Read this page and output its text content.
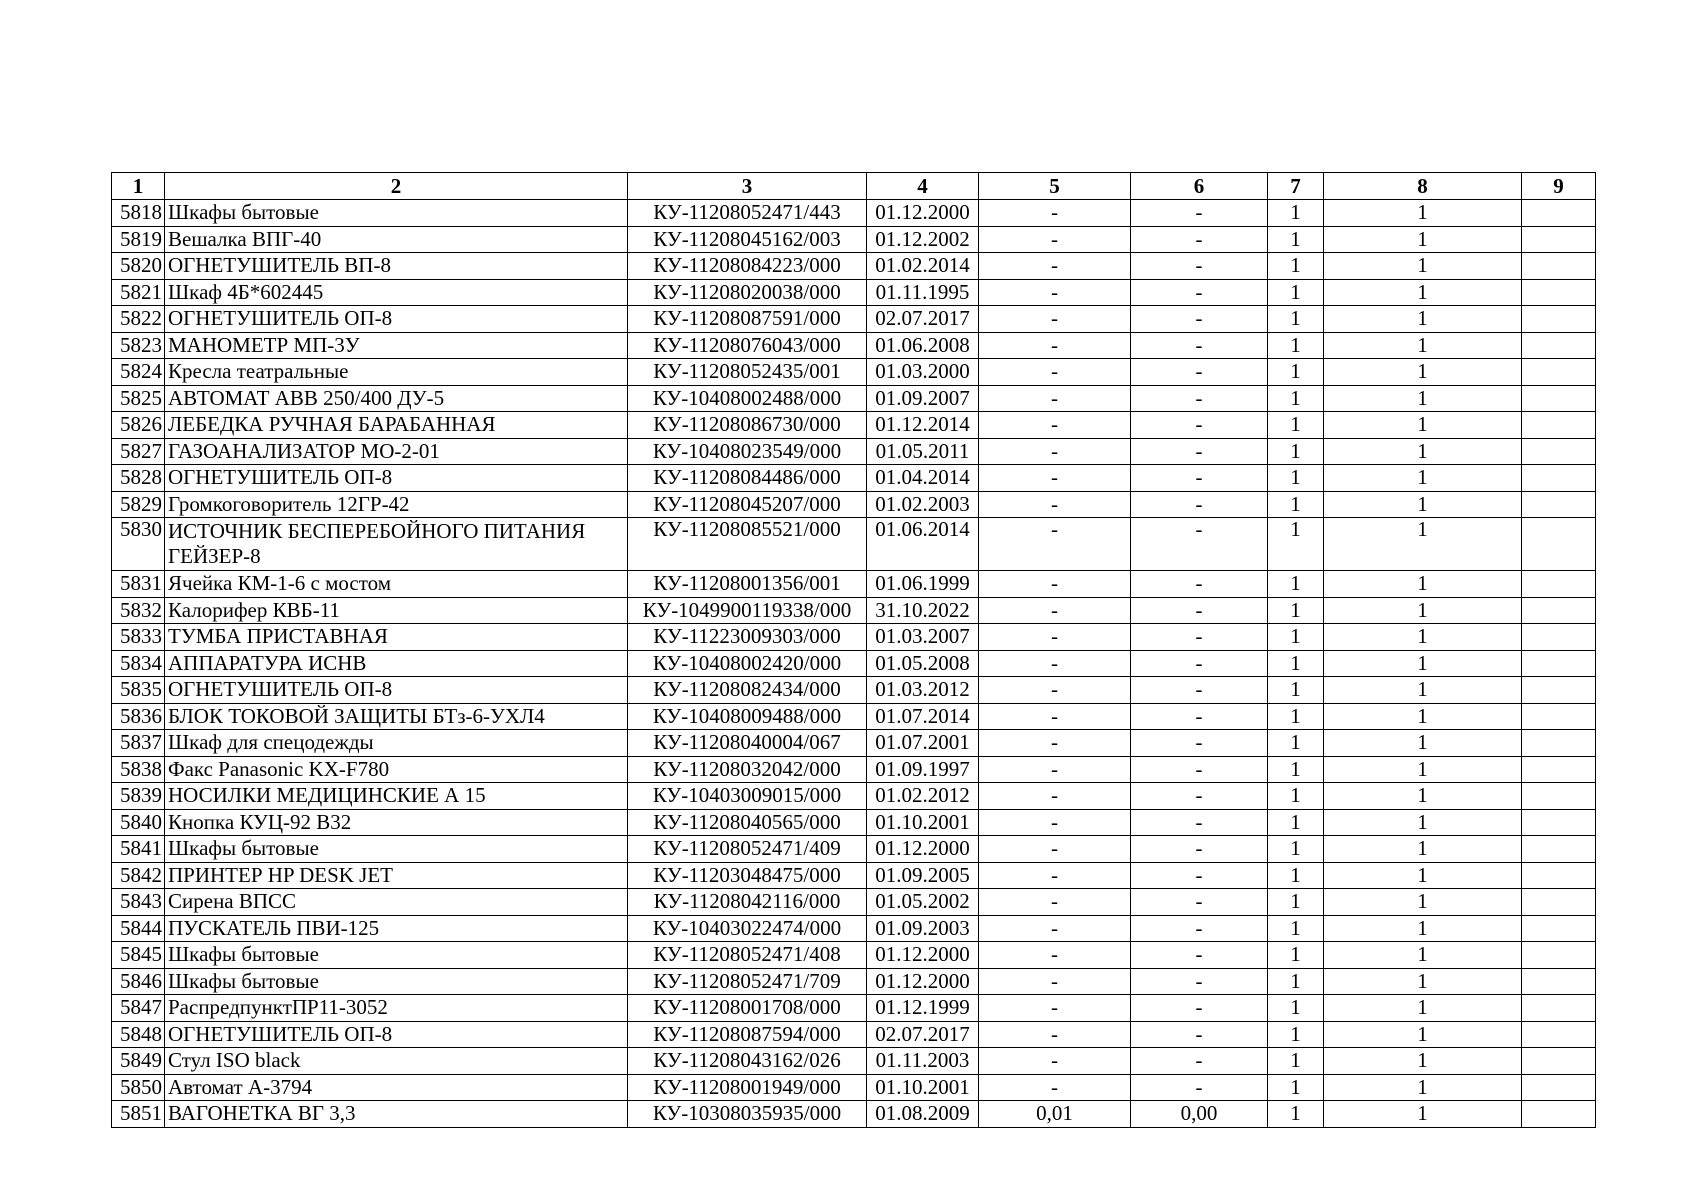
1	2	3	4	5	6	7	8	9
5818	Шкафы бытовые	КУ-11208052471/443	01.12.2000	-	-	1	1	
5819	Вешалка ВПГ-40	КУ-11208045162/003	01.12.2002	-	-	1	1	
5820	ОГНЕТУШИТЕЛЬ ВП-8	КУ-11208084223/000	01.02.2014	-	-	1	1	
5821	Шкаф 4Б*602445	КУ-11208020038/000	01.11.1995	-	-	1	1	
5822	ОГНЕТУШИТЕЛЬ ОП-8	КУ-11208087591/000	02.07.2017	-	-	1	1	
5823	МАНОМЕТР МП-3У	КУ-11208076043/000	01.06.2008	-	-	1	1	
5824	Кресла театральные	КУ-11208052435/001	01.03.2000	-	-	1	1	
5825	АВТОМАТ АВВ 250/400 ДУ-5	КУ-10408002488/000	01.09.2007	-	-	1	1	
5826	ЛЕБЕДКА РУЧНАЯ БАРАБАННАЯ	КУ-11208086730/000	01.12.2014	-	-	1	1	
5827	ГАЗОАНАЛИЗАТОР МО-2-01	КУ-10408023549/000	01.05.2011	-	-	1	1	
5828	ОГНЕТУШИТЕЛЬ ОП-8	КУ-11208084486/000	01.04.2014	-	-	1	1	
5829	Громкоговоритель 12ГР-42	КУ-11208045207/000	01.02.2003	-	-	1	1	
5830	ИСТОЧНИК БЕСПЕРЕБОЙНОГО ПИТАНИЯ ГЕЙЗЕР-8	КУ-11208085521/000	01.06.2014	-	-	1	1	
5831	Ячейка КМ-1-6 с мостом	КУ-11208001356/001	01.06.1999	-	-	1	1	
5832	Калорифер КВБ-11	КУ-1049900119338/000	31.10.2022	-	-	1	1	
5833	ТУМБА ПРИСТАВНАЯ	КУ-11223009303/000	01.03.2007	-	-	1	1	
5834	АППАРАТУРА ИСНВ	КУ-10408002420/000	01.05.2008	-	-	1	1	
5835	ОГНЕТУШИТЕЛЬ ОП-8	КУ-11208082434/000	01.03.2012	-	-	1	1	
5836	БЛОК ТОКОВОЙ ЗАЩИТЫ БТз-6-УХЛ4	КУ-10408009488/000	01.07.2014	-	-	1	1	
5837	Шкаф для спецодежды	КУ-11208040004/067	01.07.2001	-	-	1	1	
5838	Факс Panasonic KX-F780	КУ-11208032042/000	01.09.1997	-	-	1	1	
5839	НОСИЛКИ МЕДИЦИНСКИЕ А 15	КУ-10403009015/000	01.02.2012	-	-	1	1	
5840	Кнопка КУЦ-92 В32	КУ-11208040565/000	01.10.2001	-	-	1	1	
5841	Шкафы бытовые	КУ-11208052471/409	01.12.2000	-	-	1	1	
5842	ПРИНТЕР HP DESK JET	КУ-11203048475/000	01.09.2005	-	-	1	1	
5843	Сирена ВПСС	КУ-11208042116/000	01.05.2002	-	-	1	1	
5844	ПУСКАТЕЛЬ ПВИ-125	КУ-10403022474/000	01.09.2003	-	-	1	1	
5845	Шкафы бытовые	КУ-11208052471/408	01.12.2000	-	-	1	1	
5846	Шкафы бытовые	КУ-11208052471/709	01.12.2000	-	-	1	1	
5847	РаспредпунктПР11-3052	КУ-11208001708/000	01.12.1999	-	-	1	1	
5848	ОГНЕТУШИТЕЛЬ ОП-8	КУ-11208087594/000	02.07.2017	-	-	1	1	
5849	Стул ISO black	КУ-11208043162/026	01.11.2003	-	-	1	1	
5850	Автомат А-3794	КУ-11208001949/000	01.10.2001	-	-	1	1	
5851	ВАГОНЕТКА ВГ 3,3	КУ-10308035935/000	01.08.2009	0,01	0,00	1	1	
